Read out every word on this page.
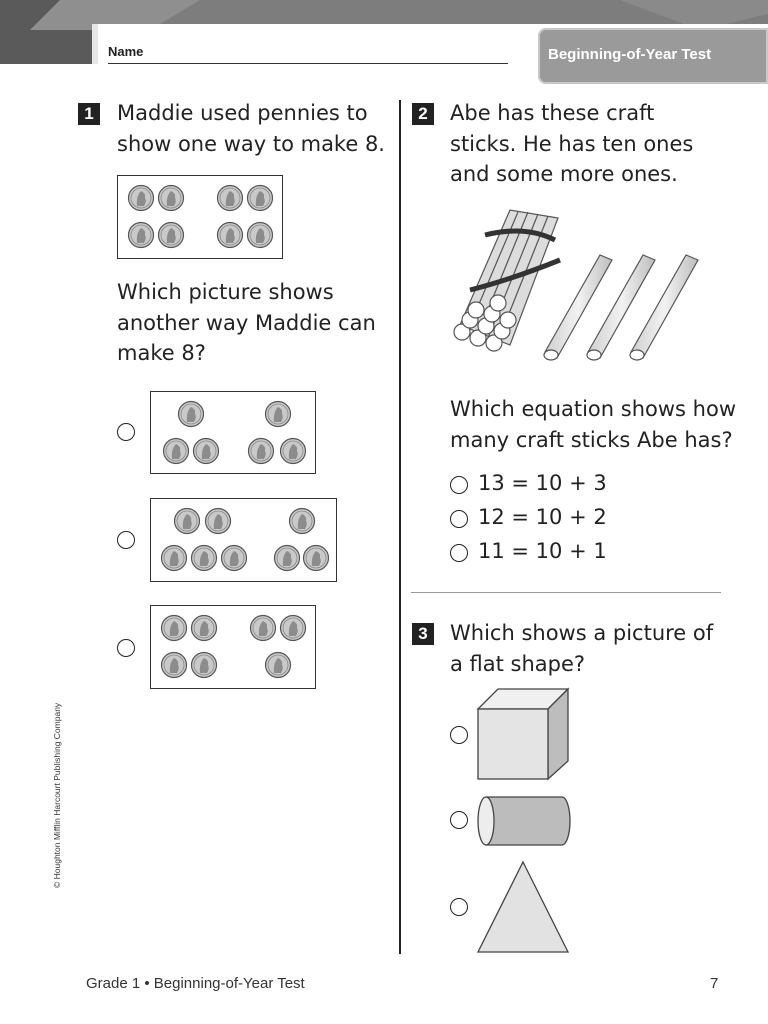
Beginning-of-Year Test
Name
1 Maddie used pennies to
show one way to make 8.
Which picture shows
another way Maddie can
make 8?
2 Abe has these craft
sticks. He has ten ones
and some more ones.
Which equation shows how
many craft sticks Abe has?
13 = 10 + 3
12 = 10 + 2
11 = 10 + 1
3 Which shows a picture of
a flat shape?
© Houghton Mifflin Harcourt Publishing Company
Grade 1 • Beginning-of-Year Test	7
